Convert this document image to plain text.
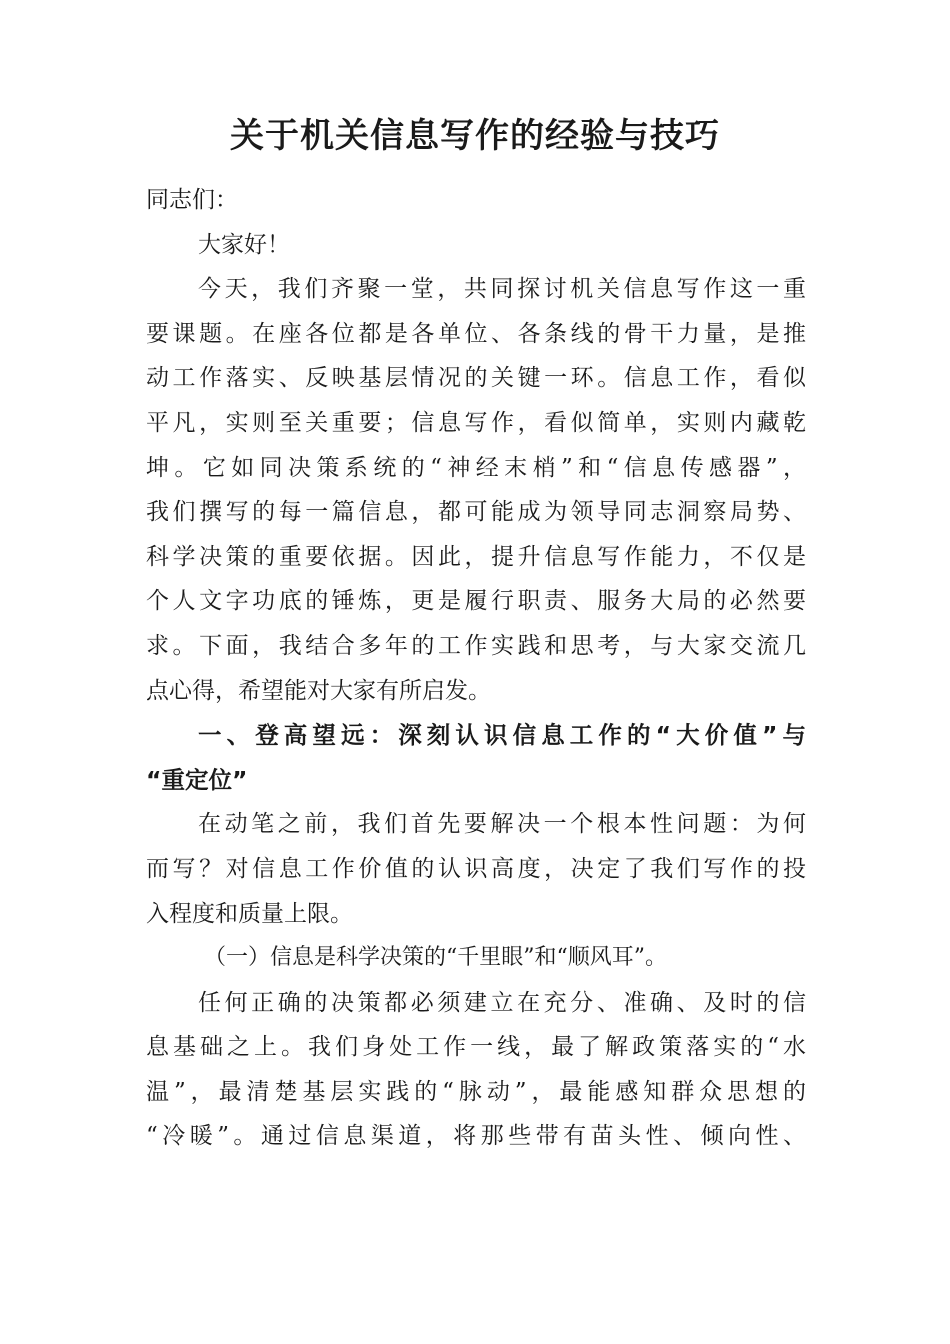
关于机关信息写作的经验与技巧
同志们：
大家好！
今天，我们齐聚一堂，共同探讨机关信息写作这一重
要课题。在座各位都是各单位、各条线的骨干力量，是推
动工作落实、反映基层情况的关键一环。信息工作，看似
平凡，实则至关重要；信息写作，看似简单，实则内藏乾
坤。它如同决策系统的“神经末梢”和“信息传感器”，
我们撰写的每一篇信息，都可能成为领导同志洞察局势、
科学决策的重要依据。因此，提升信息写作能力，不仅是
个人文字功底的锤炼，更是履行职责、服务大局的必然要
求。下面，我结合多年的工作实践和思考，与大家交流几
点心得，希望能对大家有所启发。
一、登高望远：深刻认识信息工作的“大价值”与
“重定位”
在动笔之前，我们首先要解决一个根本性问题：为何
而写？对信息工作价值的认识高度，决定了我们写作的投
入程度和质量上限。
（一）信息是科学决策的“千里眼”和“顺风耳”。
任何正确的决策都必须建立在充分、准确、及时的信
息基础之上。我们身处工作一线，最了解政策落实的“水
温”，最清楚基层实践的“脉动”，最能感知群众思想的
“冷暖”。通过信息渠道，将那些带有苗头性、倾向性、
